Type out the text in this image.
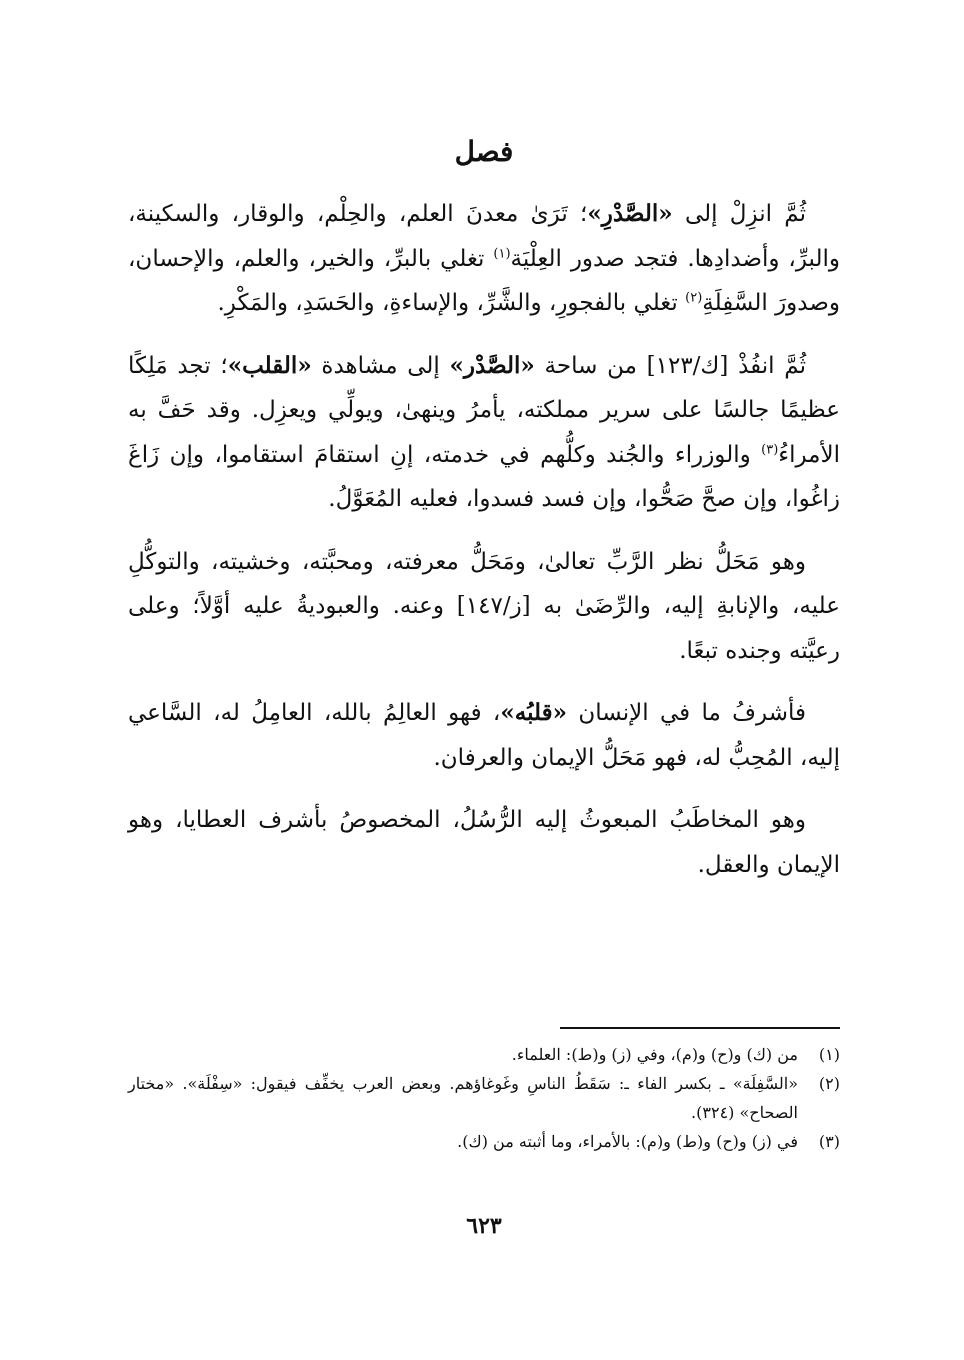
فصل

ثُمَّ انزِلْ إلى «الصَّدْرِ»؛ تَرَىٰ معدنَ العلم، والحِلْم، والوقار، والسكينة، والبرِّ، وأضدادِها. فتجد صدور العِلْيَة$^{(١)}$ تغلي بالبرِّ، والخير، والعلم، والإحسان، وصدورَ السَّفِلَةِ$^{(٢)}$ تغلي بالفجورِ، والشَّرِّ، والإساءةِ، والحَسَدِ، والمَكْرِ.

ثُمَّ انفُذْ [ك/١٢٣] من ساحة «الصَّدْر» إلى مشاهدة «القلب»؛ تجد مَلِكًا عظيمًا جالسًا على سرير مملكته، يأمرُ وينهىٰ، ويولِّي ويعزِل. وقد حَفَّ به الأمراءُ$^{(٣)}$ والوزراء والجُند وكلُّهم في خدمته، إنِ استقامَ استقاموا، وإن زَاغَ زاغُوا، وإن صحَّ صَحُّوا، وإن فسد فسدوا، فعليه المُعَوَّلُ.

وهو مَحَلُّ نظر الرَّبِّ تعالىٰ، ومَحَلُّ معرفته، ومحبَّته، وخشيته، والتوكُّلِ عليه، والإنابةِ إليه، والرِّضَىٰ به [ز/١٤٧] وعنه. والعبوديةُ عليه أوَّلاً؛ وعلى رعيَّته وجنده تبعًا.

فأشرفُ ما في الإنسان «قلبُه»، فهو العالِمُ بالله، العامِلُ له، السَّاعي إليه، المُحِبُّ له، فهو مَحَلُّ الإيمان والعرفان.

وهو المخاطَبُ المبعوثُ إليه الرُّسُلُ، المخصوصُ بأشرف العطايا، وهو الإيمان والعقل.

(١)
من (ك) و(ح) و(م)، وفي (ز) و(ط): العلماء.
(٢)
«السَّفِلَة» ـ بكسر الفاء ـ: سَقَطُ الناسِ وغَوغاؤهم. وبعض العرب يخفِّف فيقول: «سِفْلَة». «مختار الصحاح» (٣٢٤).
(٣)
في (ز) و(ح) و(ط) و(م): بالأمراء، وما أثبته من (ك).
٦٢٣
